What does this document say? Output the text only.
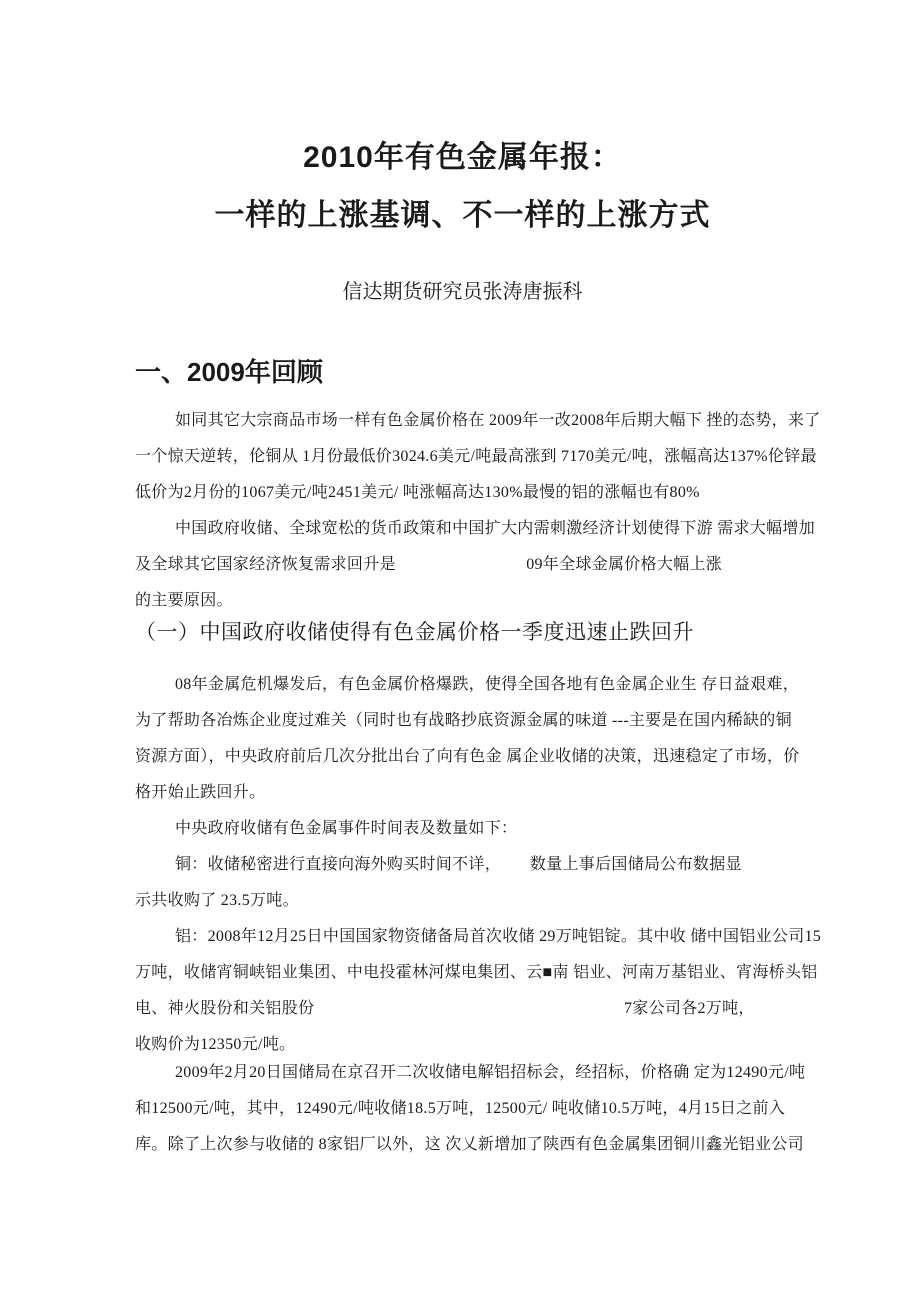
2010年有色金属年报：
一样的上涨基调、不一样的上涨方式
信达期货研究员张涛唐振科
一、2009年回顾
如同其它大宗商品市场一样有色金属价格在 2009年一改2008年后期大幅下 挫的态势，来了
一个惊天逆转，伦铜从 1月份最低价3024.6美元/吨最高涨到 7170美元/吨，涨幅高达137%伦锌最
低价为2月份的1067美元/吨2451美元/ 吨涨幅高达130%最慢的铝的涨幅也有80%
中国政府收储、全球宽松的货币政策和中国扩大内需刺激经济计划使得下游 需求大幅增加
及全球其它国家经济恢复需求回升是　　　　　　　　09年全球金属价格大幅上涨
的主要原因。
（一）中国政府收储使得有色金属价格一季度迅速止跌回升
08年金属危机爆发后，有色金属价格爆跌，使得全国各地有色金属企业生 存日益艰难，
为了帮助各冶炼企业度过难关（同时也有战略抄底资源金属的味道 ---主要是在国内稀缺的铜
资源方面），中央政府前后几次分批出台了向有色金 属企业收储的决策，迅速稳定了市场，价
格开始止跌回升。
中央政府收储有色金属事件时间表及数量如下：
铜：收储秘密进行直接向海外购买时间不详，　　 数量上事后国储局公布数据显
示共收购了 23.5万吨。
铝：2008年12月25日中国国家物资储备局首次收储 29万吨铝锭。其中收 储中国铝业公司15
万吨，收储宵铜峡铝业集团、中电投霍林河煤电集团、云■南 铝业、河南万基铝业、宵海桥头铝
电、神火股份和关铝股份　　　　　　　　　　　　　　　　　　　7家公司各2万吨，
收购价为12350元/吨。
2009年2月20日国储局在京召开二次收储电解铝招标会，经招标，价格确 定为12490元/吨
和12500元/吨，其中，12490元/吨收储18.5万吨，12500元/ 吨收储10.5万吨，4月15日之前入
库。除了上次参与收储的 8家铝厂以外，这 次乂新增加了陕西有色金属集团铜川鑫光铝业公司
